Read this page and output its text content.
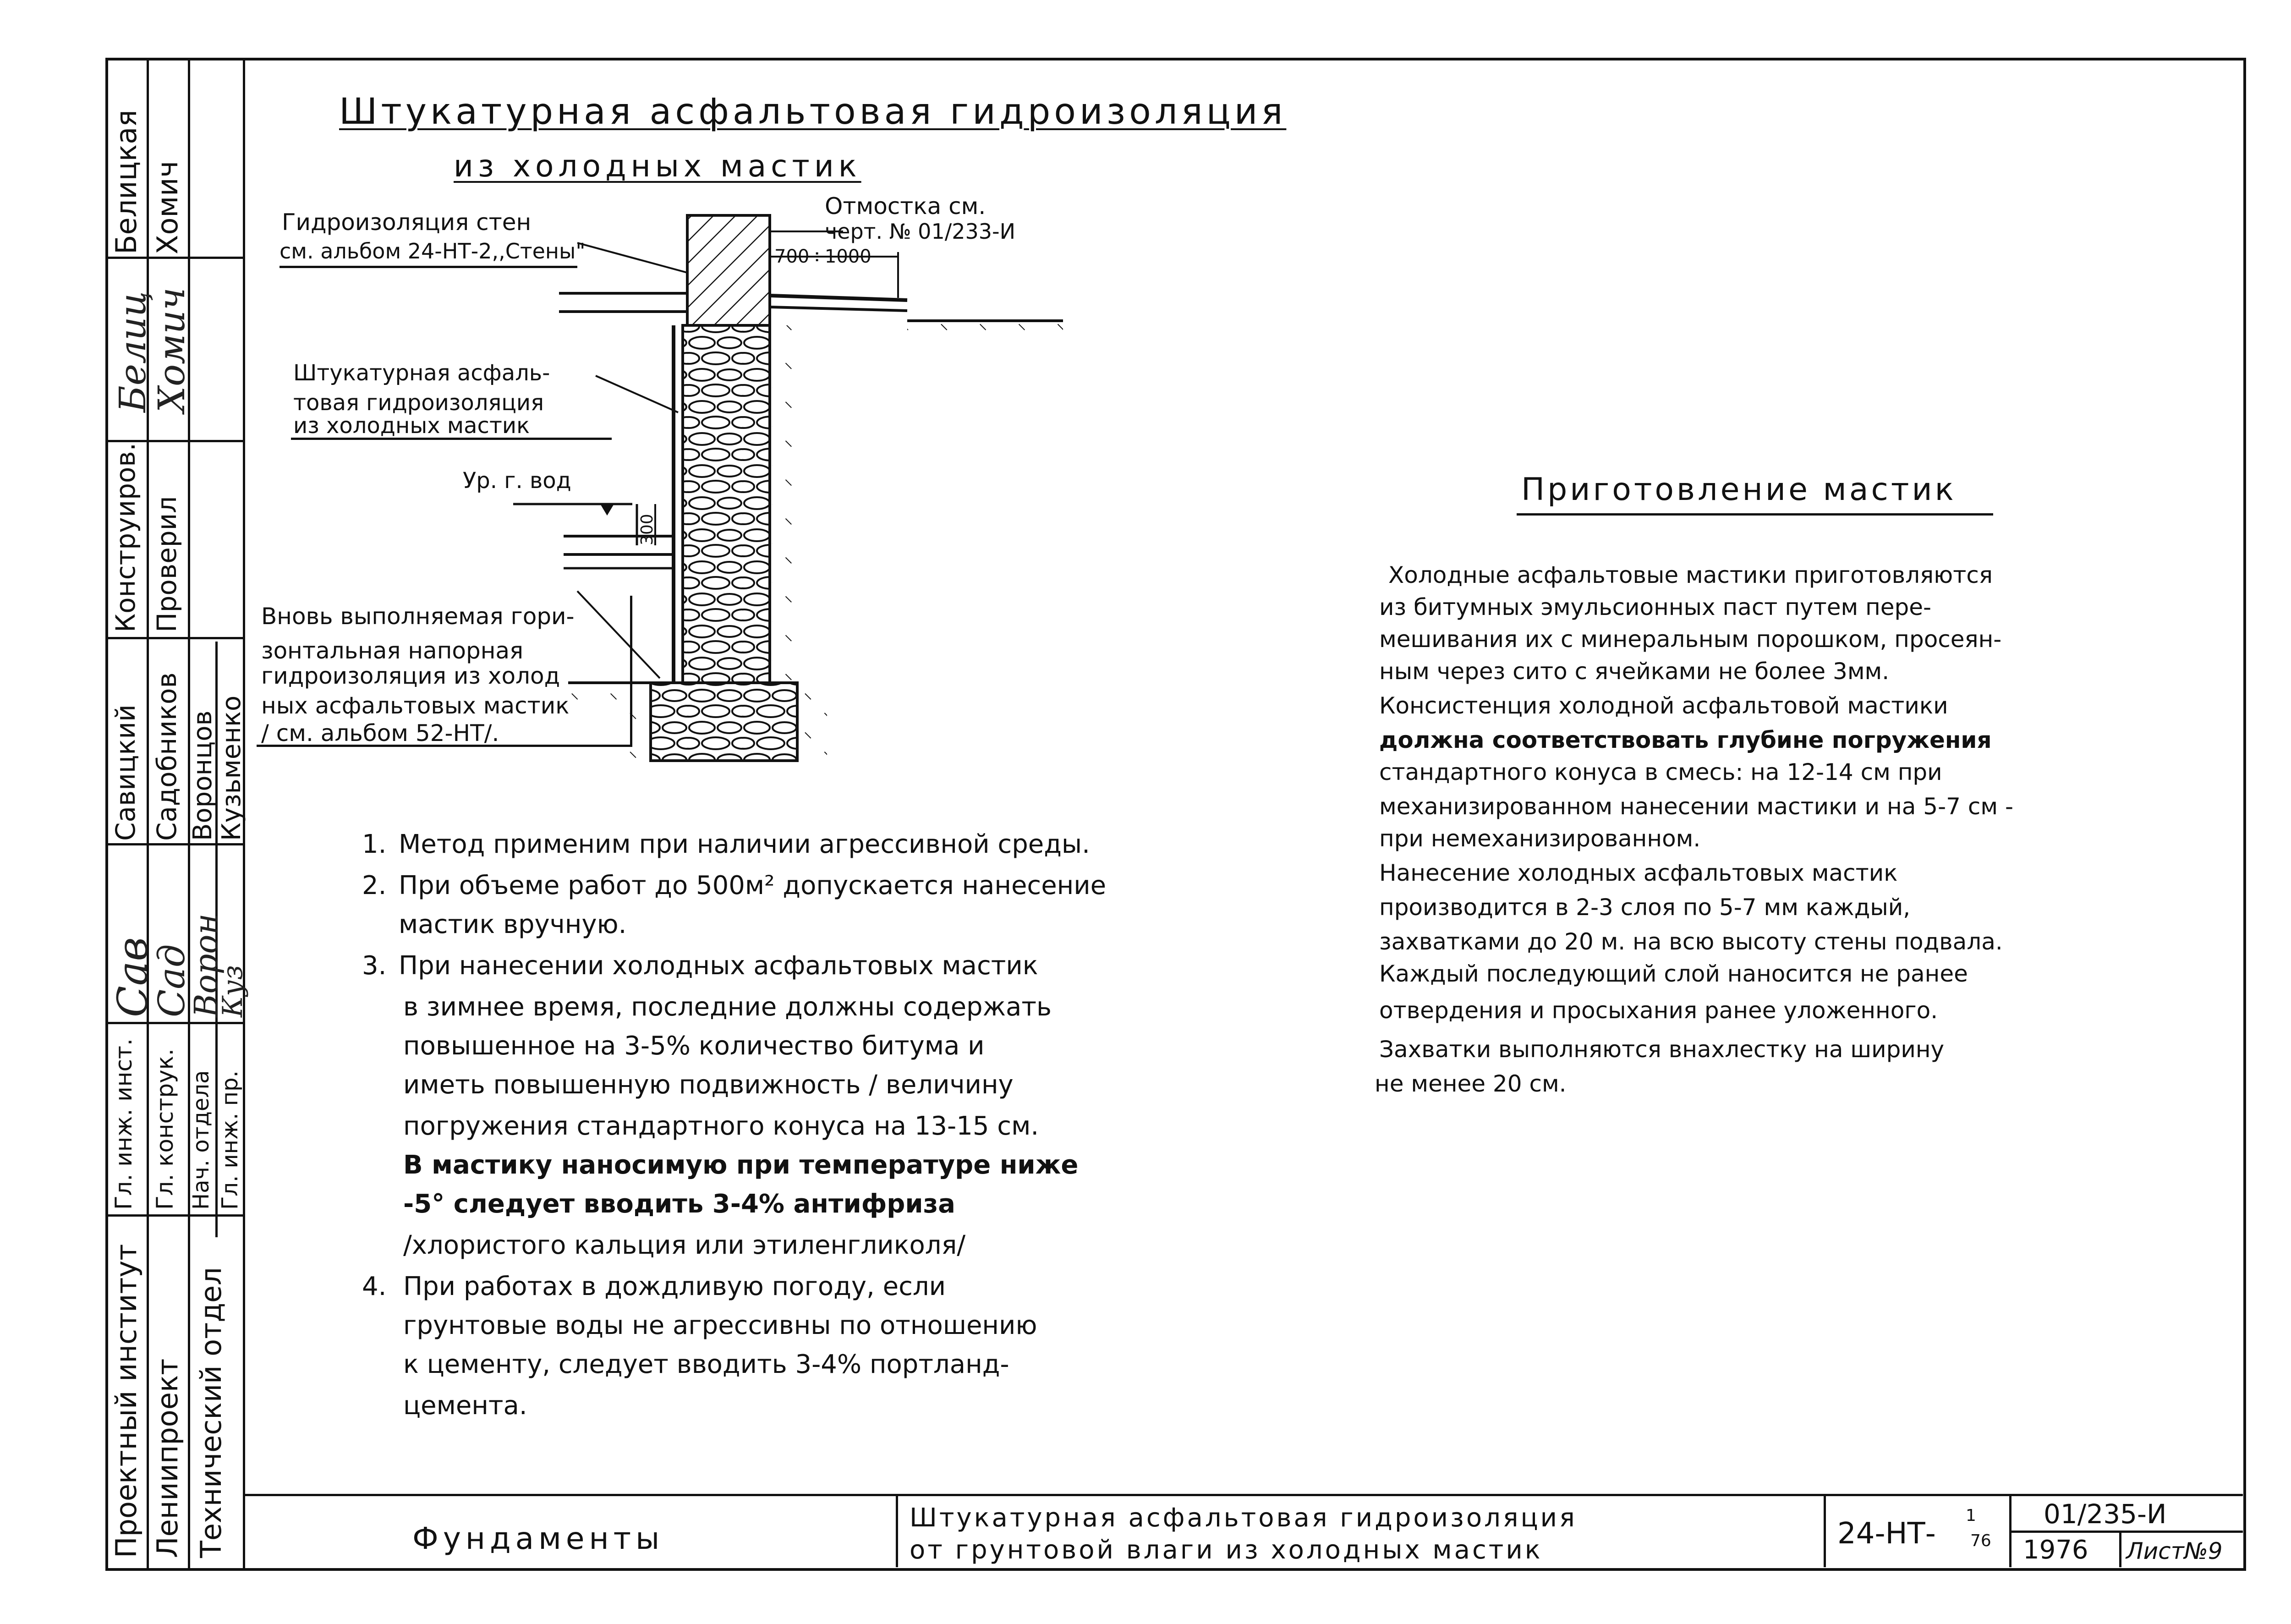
Белицкая Хомич
Белиц
Хомич
Конструиров. Проверил
Савицкий Садобников Воронцов
Кузьменко
Сав
Сад
Ворон
Куз
Гл. инж. инст. Гл. конструк. Нач. отдела Гл. инж. пр.
Проектный институт Лениипроект Технический отдел
Штукатурная асфальтовая гидроизоляция
из холодных мастик
Гидроизоляция стен
см. альбом 24-НТ-2,,Стены"
Отмостка см.
черт. № 01/233-И
700÷1000
Штукатурная асфаль-
товая гидроизоляция
из холодных мастик
Ур. г. вод
300
Вновь выполняемая гори-
зонтальная напорная
гидроизоляция из холод
ных асфальтовых мастик
/ см. альбом 52-НТ/.
1. Метод применим при наличии агрессивной среды.
2. При объеме работ до 500м² допускается нанесение
мастик вручную.
3. При нанесении холодных асфальтовых мастик
в зимнее время, последние должны содержать
повышенное на 3-5% количество битума и
иметь повышенную подвижность / величину
погружения стандартного конуса на 13-15 см.
В мастику наносимую при температуре ниже
-5° следует вводить 3-4% антифриза
/хлористого кальция или этиленгликоля/
4. При работах в дождливую погоду, если
грунтовые воды не агрессивны по отношению
к цементу, следует вводить 3-4% портланд-
цемента.
Приготовление мастик
Холодные асфальтовые мастики приготовляются
из битумных эмульсионных паст путем пере-
мешивания их с минеральным порошком, просеян-
ным через сито с ячейками не более 3мм.
Консистенция холодной асфальтовой мастики
должна соответствовать глубине погружения
стандартного конуса в смесь: на 12-14 см при
механизированном нанесении мастики и на 5-7 см -
при немеханизированном.
Нанесение холодных асфальтовых мастик
производится в 2-3 слоя по 5-7 мм каждый,
захватками до 20 м. на всю высоту стены подвала.
Каждый последующий слой наносится не ранее
отвердения и просыхания ранее уложенного.
Захватки выполняются внахлестку на ширину
не менее 20 см.
Фундаменты
Штукатурная асфальтовая гидроизоляция
от грунтовой влаги из холодных мастик	24-НТ-
1
76
01/235-И
1976 Лист№9
